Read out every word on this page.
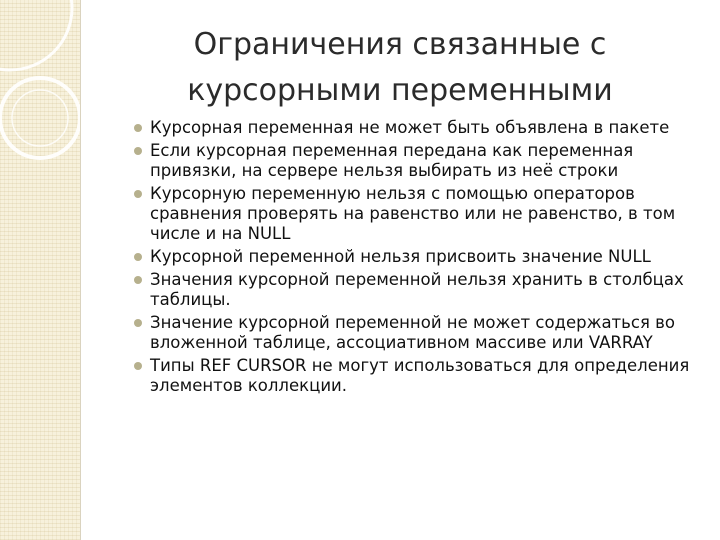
Ограничения связанные с
курсорными переменными
Курсорная переменная не может быть объявлена в пакете
Если курсорная переменная передана как переменная привязки, на сервере нельзя выбирать из неё строки
Курсорную переменную нельзя с помощью операторов сравнения проверять на равенство или не равенство, в том числе и на NULL
Курсорной переменной нельзя присвоить значение NULL
Значения курсорной переменной нельзя хранить в столбцах таблицы.
Значение курсорной переменной не может содержаться во вложенной таблице, ассоциативном массиве или VARRAY
Типы REF CURSOR не могут использоваться для определения элементов коллекции.
